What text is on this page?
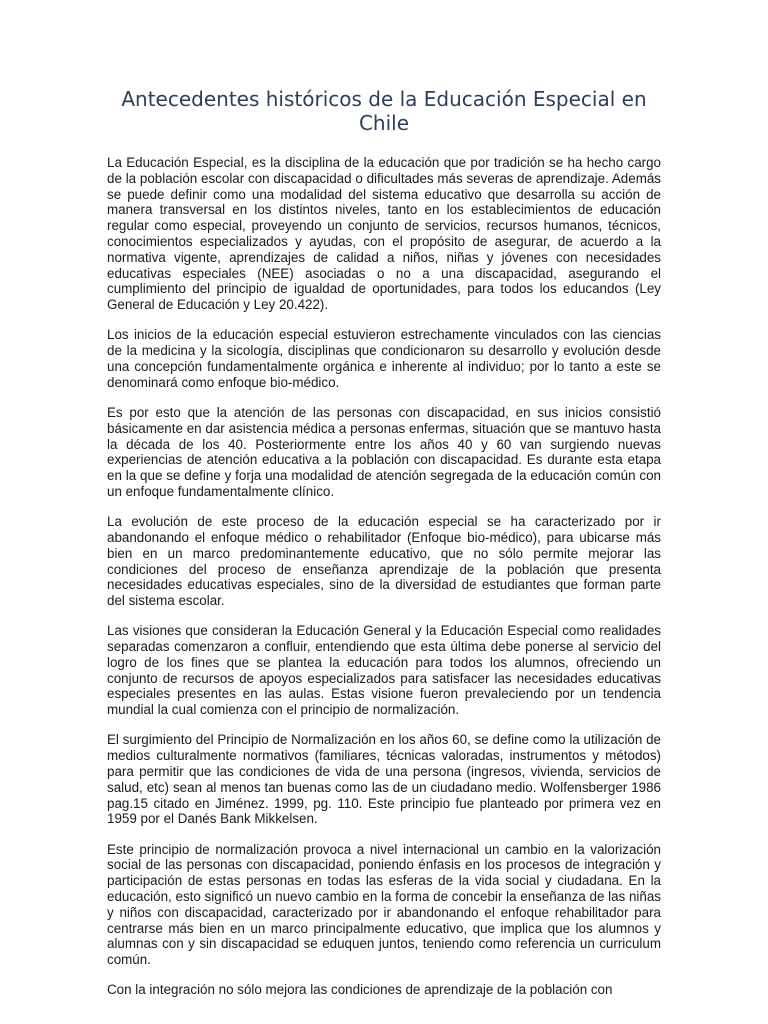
Antecedentes históricos de la Educación Especial en Chile

La Educación Especial, es la disciplina de la educación que por tradición se ha hecho cargo de la población escolar con discapacidad o dificultades más severas de aprendizaje. Además se puede definir como una modalidad del sistema educativo que desarrolla su acción de manera transversal en los distintos niveles, tanto en los establecimientos de educación regular como especial, proveyendo un conjunto de servicios, recursos humanos, técnicos, conocimientos especializados y ayudas, con el propósito de asegurar, de acuerdo a la normativa vigente, aprendizajes de calidad a niños, niñas y jóvenes con necesidades educativas especiales (NEE) asociadas o no a una discapacidad, asegurando el cumplimiento del principio de igualdad de oportunidades, para todos los educandos (Ley General de Educación y Ley 20.422).

Los inicios de la educación especial estuvieron estrechamente vinculados con las ciencias de la medicina y la sicología, disciplinas que condicionaron su desarrollo y evolución desde una concepción fundamentalmente orgánica e inherente al individuo; por lo tanto a este se denominará como enfoque bio-médico.

Es por esto que la atención de las personas con discapacidad, en sus inicios consistió básicamente en dar asistencia médica a personas enfermas, situación que se mantuvo hasta la década de los 40. Posteriormente entre los años 40 y 60 van surgiendo nuevas experiencias de atención educativa a la población con discapacidad. Es durante esta etapa en la que se define y forja una modalidad de atención segregada de la educación común con un enfoque fundamentalmente clínico.

La evolución de este proceso de la educación especial se ha caracterizado por ir abandonando el enfoque médico o rehabilitador (Enfoque bio-médico), para ubicarse más bien en un marco predominantemente educativo, que no sólo permite mejorar las condiciones del proceso de enseñanza aprendizaje de la población que presenta necesidades educativas especiales, sino de la diversidad de estudiantes que forman parte del sistema escolar.

Las visiones que consideran la Educación General y la Educación Especial como realidades separadas comenzaron a confluir, entendiendo que esta última debe ponerse al servicio del logro de los fines que se plantea la educación para todos los alumnos, ofreciendo un conjunto de recursos de apoyos especializados para satisfacer las necesidades educativas especiales presentes en las aulas. Estas visione fueron prevaleciendo por un tendencia mundial la cual comienza con el principio de normalización.

El surgimiento del Principio de Normalización en los años 60, se define como la utilización de medios culturalmente normativos (familiares, técnicas valoradas, instrumentos y métodos) para permitir que las condiciones de vida de una persona (ingresos, vivienda, servicios de salud, etc) sean al menos tan buenas como las de un ciudadano medio. Wolfensberger 1986 pag.15 citado en Jiménez. 1999, pg. 110. Este principio fue planteado por primera vez en 1959 por el Danés Bank Mikkelsen.

Este principio de normalización provoca a nivel internacional un cambio en la valorización social de las personas con discapacidad, poniendo énfasis en los procesos de integración y participación de estas personas en todas las esferas de la vida social y ciudadana. En la educación, esto significó un nuevo cambio en la forma de concebir la enseñanza de las niñas y niños con discapacidad, caracterizado por ir abandonando el enfoque rehabilitador para centrarse más bien en un marco principalmente educativo, que implica que los alumnos y alumnas con y sin discapacidad se eduquen juntos, teniendo como referencia un curriculum común.

Con la integración no sólo mejora las condiciones de aprendizaje de la población con
